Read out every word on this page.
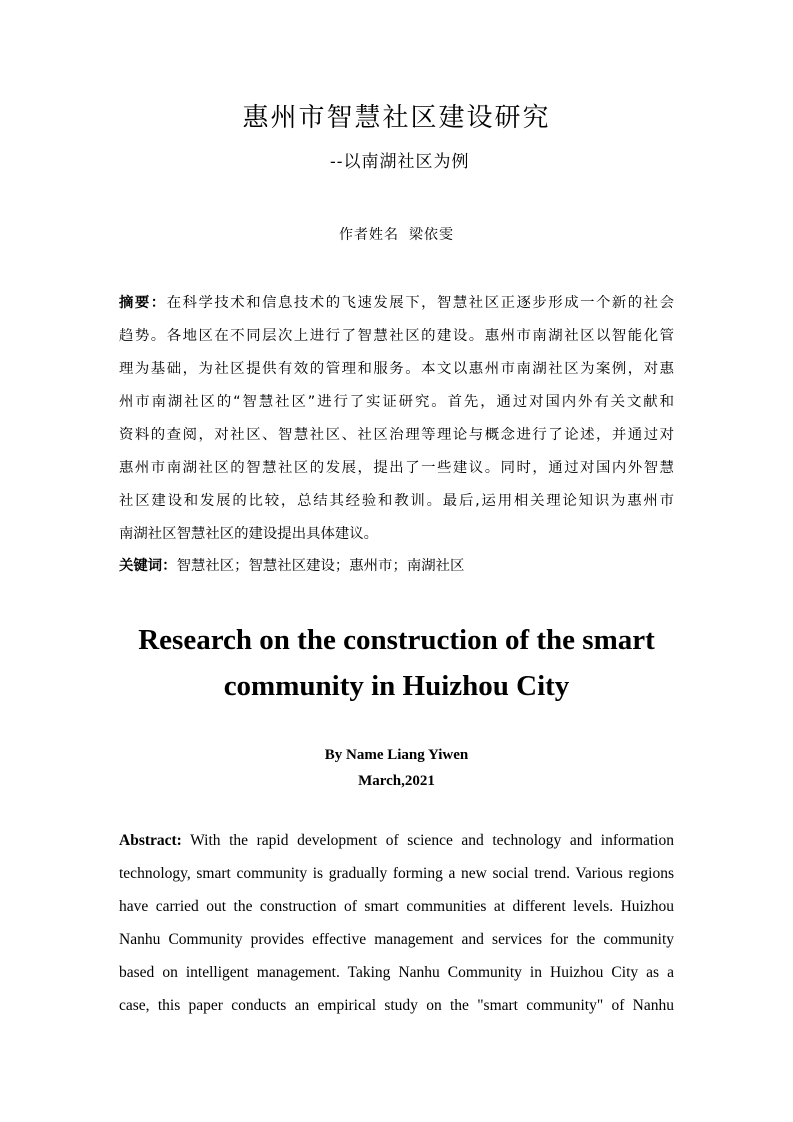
惠州市智慧社区建设研究
--以南湖社区为例
作者姓名 梁依雯
摘要：在科学技术和信息技术的飞速发展下，智慧社区正逐步形成一个新的社会
趋势。各地区在不同层次上进行了智慧社区的建设。惠州市南湖社区以智能化管
理为基础，为社区提供有效的管理和服务。本文以惠州市南湖社区为案例，对惠
州市南湖社区的“智慧社区”进行了实证研究。首先，通过对国内外有关文献和
资料的查阅，对社区、智慧社区、社区治理等理论与概念进行了论述，并通过对
惠州市南湖社区的智慧社区的发展，提出了一些建议。同时，通过对国内外智慧
社区建设和发展的比较，总结其经验和教训。最后,运用相关理论知识为惠州市
南湖社区智慧社区的建设提出具体建议。
关键词：智慧社区；智慧社区建设；惠州市；南湖社区
Research on the construction of the smart
community in Huizhou City
By Name Liang Yiwen
March,2021
Abstract: With the rapid development of science and technology and information
technology, smart community is gradually forming a new social trend. Various regions
have carried out the construction of smart communities at different levels. Huizhou
Nanhu Community provides effective management and services for the community
based on intelligent management. Taking Nanhu Community in Huizhou City as a
case, this paper conducts an empirical study on the "smart community" of Nanhu
